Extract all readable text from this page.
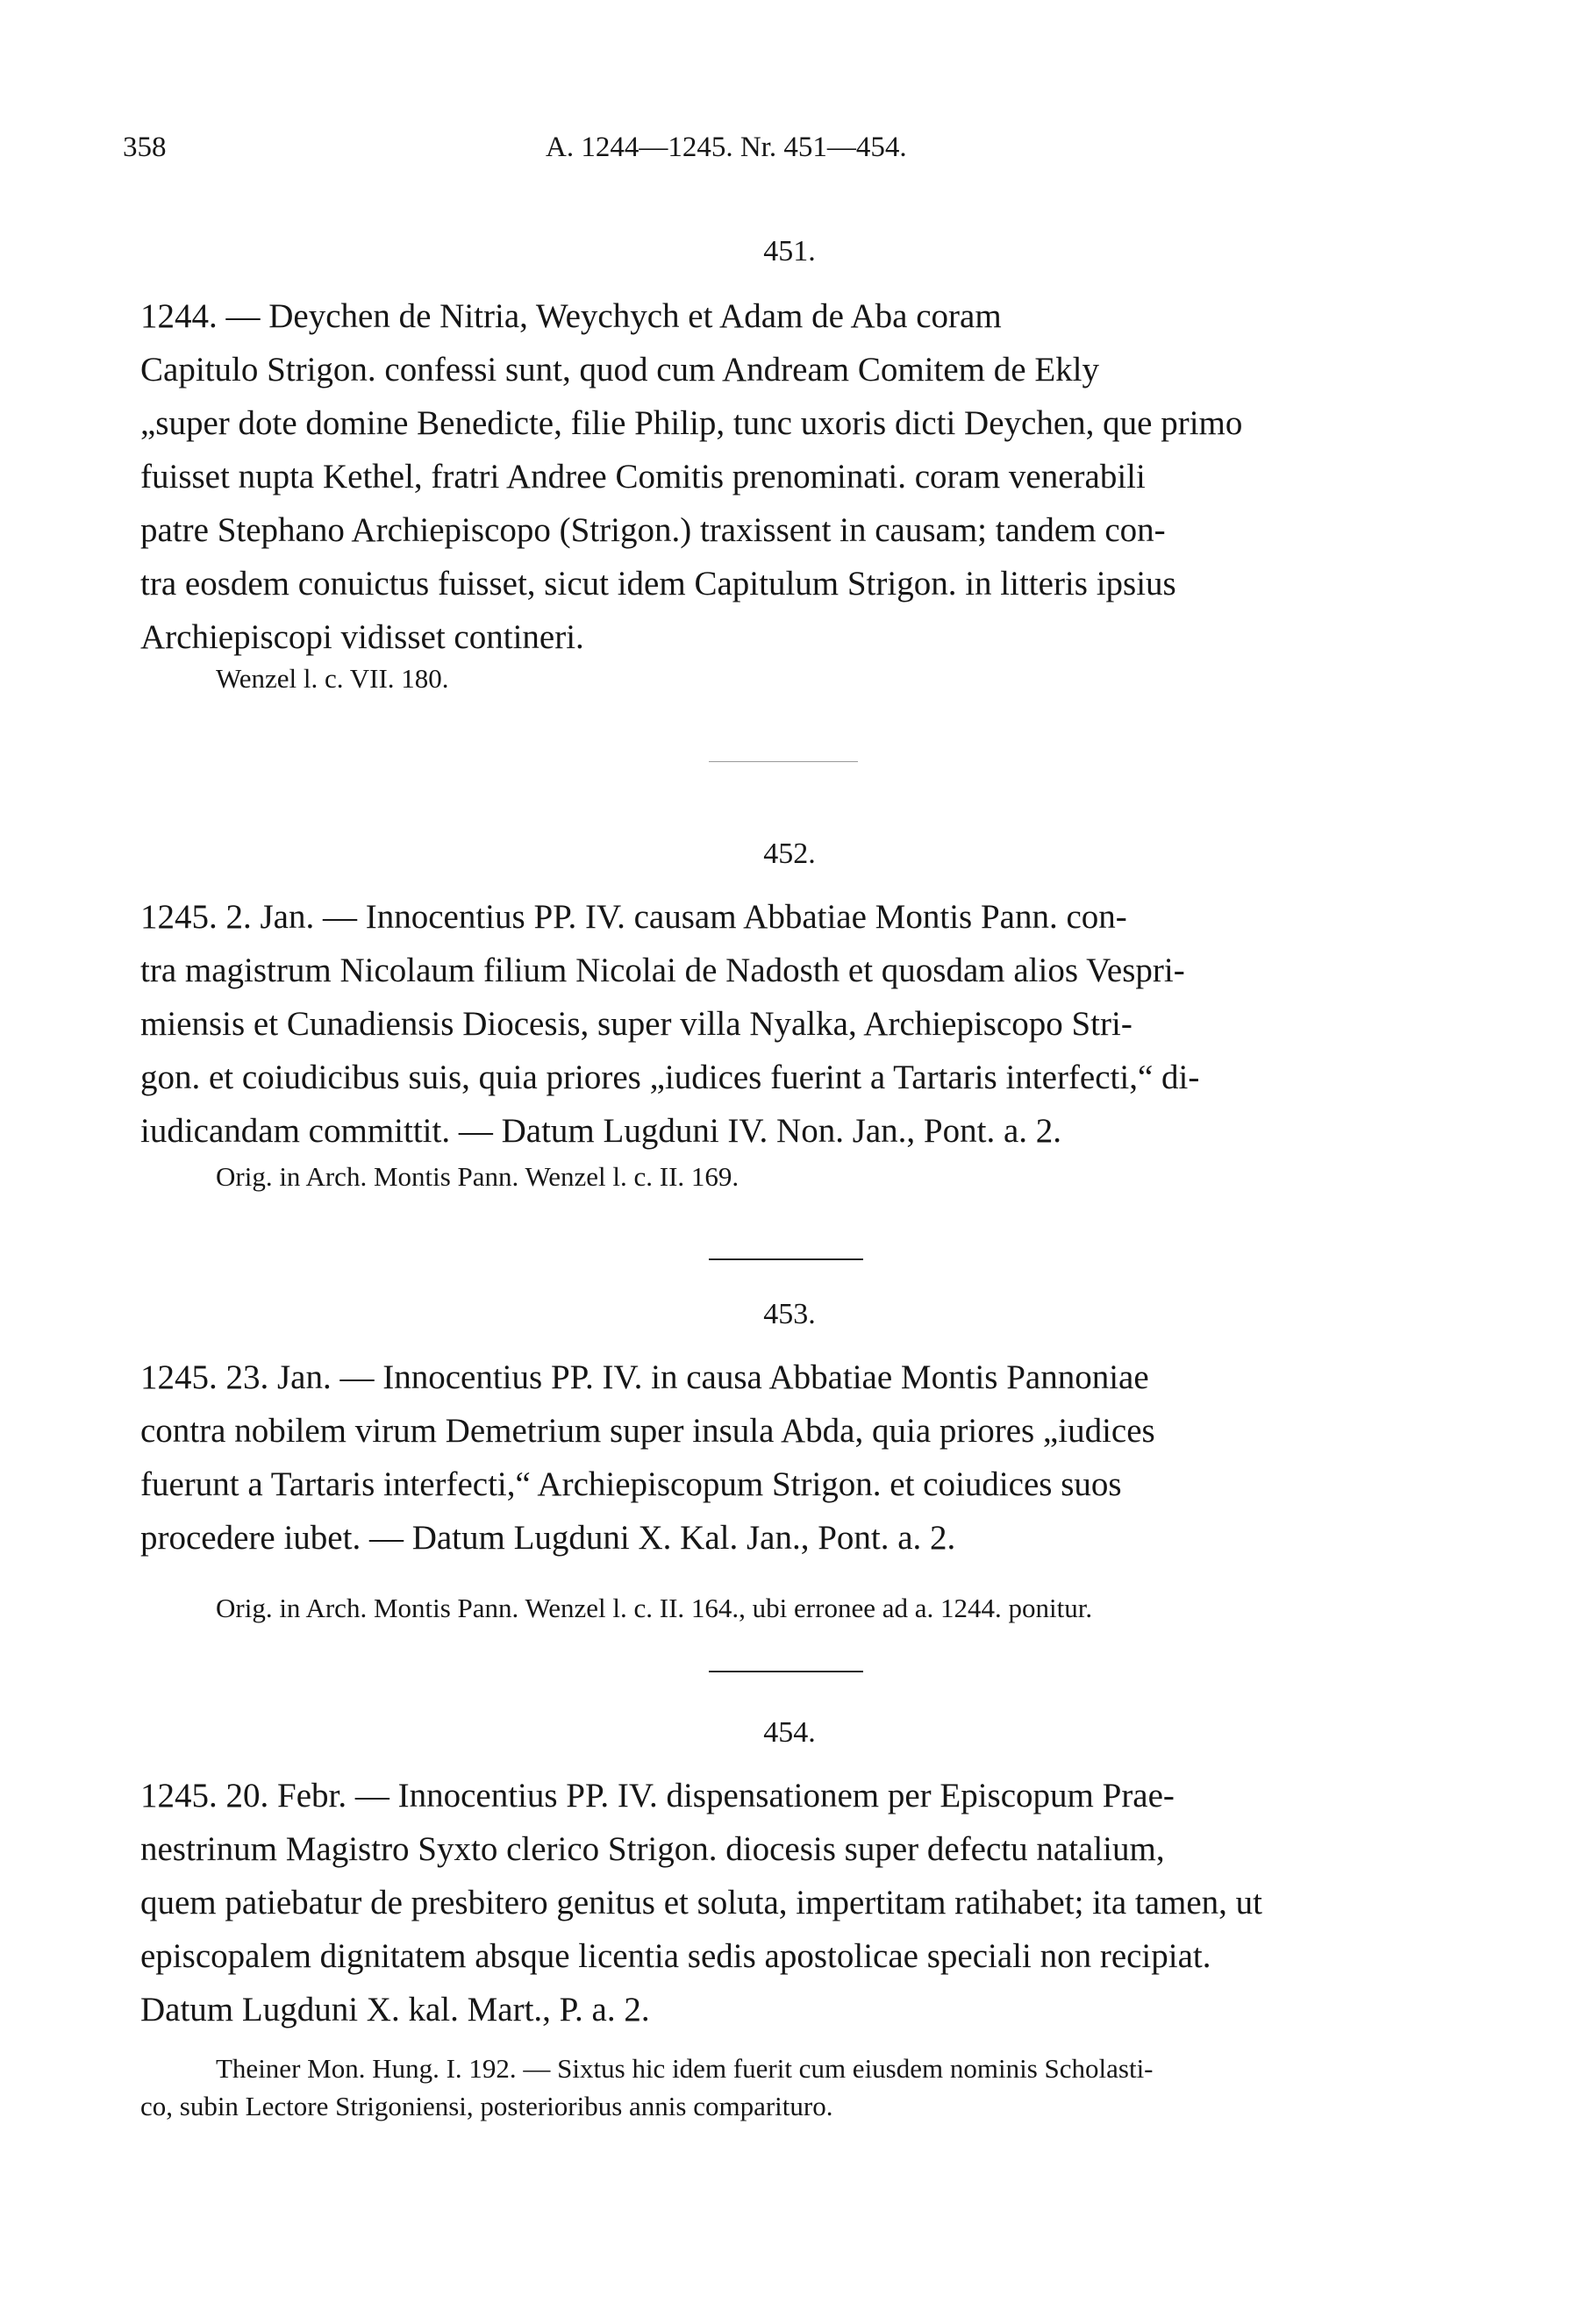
358	A. 1244—1245. Nr. 451—454.
451.
1244. — Deychen de Nitria, Weychych et Adam de Aba coram
Capitulo Strigon. confessi sunt, quod cum Andream Comitem de Ekly
„super dote domine Benedicte, filie Philip, tunc uxoris dicti Deychen, que primo
fuisset nupta Kethel, fratri Andree Comitis prenominati. coram venerabili
patre Stephano Archiepiscopo (Strigon.) traxissent in causam; tandem con-
tra eosdem conuictus fuisset, sicut idem Capitulum Strigon. in litteris ipsius
Archiepiscopi vidisset contineri.
Wenzel l. c. VII. 180.
452.
1245. 2. Jan. — Innocentius PP. IV. causam Abbatiae Montis Pann. con-
tra magistrum Nicolaum filium Nicolai de Nadosth et quosdam alios Vespri-
miensis et Cunadiensis Diocesis, super villa Nyalka, Archiepiscopo Stri-
gon. et coiudicibus suis, quia priores „iudices fuerint a Tartaris interfecti,“ di-
iudicandam committit. — Datum Lugduni IV. Non. Jan., Pont. a. 2.
Orig. in Arch. Montis Pann. Wenzel l. c. II. 169.
453.
1245. 23. Jan. — Innocentius PP. IV. in causa Abbatiae Montis Pannoniae
contra nobilem virum Demetrium super insula Abda, quia priores „iudices
fuerunt a Tartaris interfecti,“ Archiepiscopum Strigon. et coiudices suos
procedere iubet. — Datum Lugduni X. Kal. Jan., Pont. a. 2.
Orig. in Arch. Montis Pann. Wenzel l. c. II. 164., ubi erronee ad a. 1244. ponitur.
454.
1245. 20. Febr. — Innocentius PP. IV. dispensationem per Episcopum Prae-
nestrinum Magistro Syxto clerico Strigon. diocesis super defectu natalium,
quem patiebatur de presbitero genitus et soluta, impertitam ratihabet; ita tamen, ut
episcopalem dignitatem absque licentia sedis apostolicae speciali non recipiat.
Datum Lugduni X. kal. Mart., P. a. 2.
Theiner Mon. Hung. I. 192. — Sixtus hic idem fuerit cum eiusdem nominis Scholasti-
co, subin Lectore Strigoniensi, posterioribus annis comparituro.
